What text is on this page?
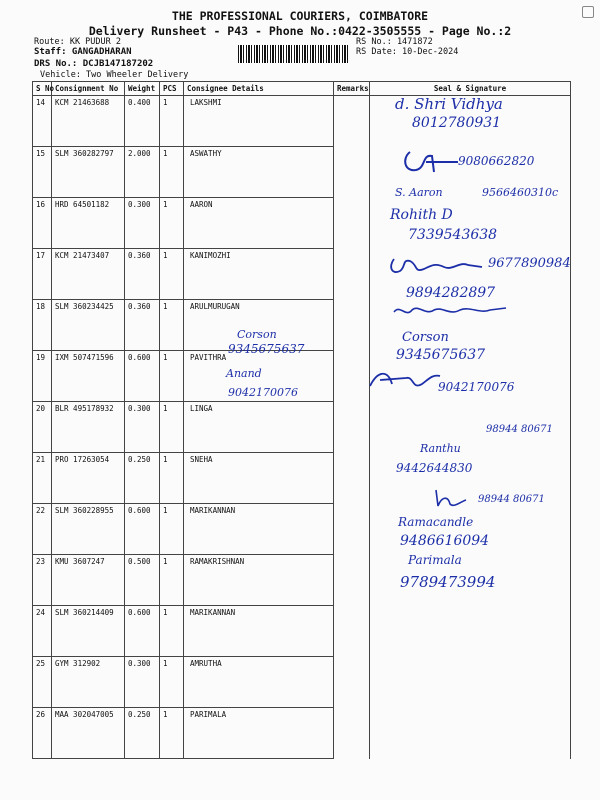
THE PROFESSIONAL COURIERS, COIMBATORE
Delivery Runsheet - P43 - Phone No.:0422-3505555 - Page No.:2
Route: KK PUDUR 2
Staff: GANGADHARAN
DRS No.: DCJB147187202
Vehicle: Two Wheeler Delivery
RS No.: 1471872
RS Date: 10-Dec-2024
S No	Consignment No	Weight	PCS	Consignee Details	Remarks	Seal & Signature
14	KCM 21463688	0.400	1	LAKSHMI		
15	SLM 360282797	2.000	1	ASWATHY		
16	HRD 64501182	0.300	1	AARON		
17	KCM 21473407	0.360	1	KANIMOZHI		
18	SLM 360234425	0.360	1	ARULMURUGAN		
19	IXM 507471596	0.600	1	PAVITHRA		
20	BLR 495178932	0.300	1	LINGA		
21	PRO 17263054	0.250	1	SNEHA		
22	SLM 360228955	0.600	1	MARIKANNAN		
23	KMU 3607247	0.500	1	RAMAKRISHNAN		
24	SLM 360214409	0.600	1	MARIKANNAN		
25	GYM 312902	0.300	1	AMRUTHA		
26	MAA 302047005	0.250	1	PARIMALA		
d. Shri Vidhya
8012780931
9080662820
S. Aaron	9566460310c
Rohith D
7339543638
9677890984
9894282897
Corson
9345675637
Corson
9345675637
Anand
9042170076	9042170076
98944 80671
Ranthu
9442644830
98944 80671
Ramacandle
9486616094
Parimala
9789473994
